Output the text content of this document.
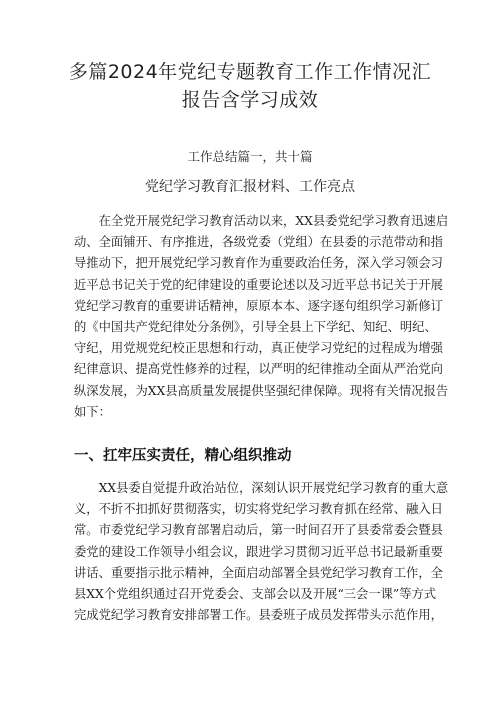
多篇2024年党纪专题教育工作工作情况汇
报告含学习成效
工作总结篇一，共十篇
党纪学习教育汇报材料、工作亮点
　　在全党开展党纪学习教育活动以来，XX县委党纪学习教育迅速启
动、全面铺开、有序推进，各级党委（党组）在县委的示范带动和指
导推动下，把开展党纪学习教育作为重要政治任务，深入学习领会习
近平总书记关于党的纪律建设的重要论述以及习近平总书记关于开展
党纪学习教育的重要讲话精神，原原本本、逐字逐句组织学习新修订
的《中国共产党纪律处分条例》，引导全县上下学纪、知纪、明纪、
守纪，用党规党纪校正思想和行动，真正使学习党纪的过程成为增强
纪律意识、提高党性修养的过程，以严明的纪律推动全面从严治党向
纵深发展，为XX县高质量发展提供坚强纪律保障。现将有关情况报告
如下：
一、扛牢压实责任，精心组织推动
　　XX县委自觉提升政治站位，深刻认识开展党纪学习教育的重大意
义，不折不扣抓好贯彻落实，切实将党纪学习教育抓在经常、融入日
常。市委党纪学习教育部署启动后，第一时间召开了县委常委会暨县
委党的建设工作领导小组会议，跟进学习贯彻习近平总书记最新重要
讲话、重要指示批示精神，全面启动部署全县党纪学习教育工作，全
县XX个党组织通过召开党委会、支部会以及开展“三会一课”等方式
完成党纪学习教育安排部署工作。县委班子成员发挥带头示范作用，
